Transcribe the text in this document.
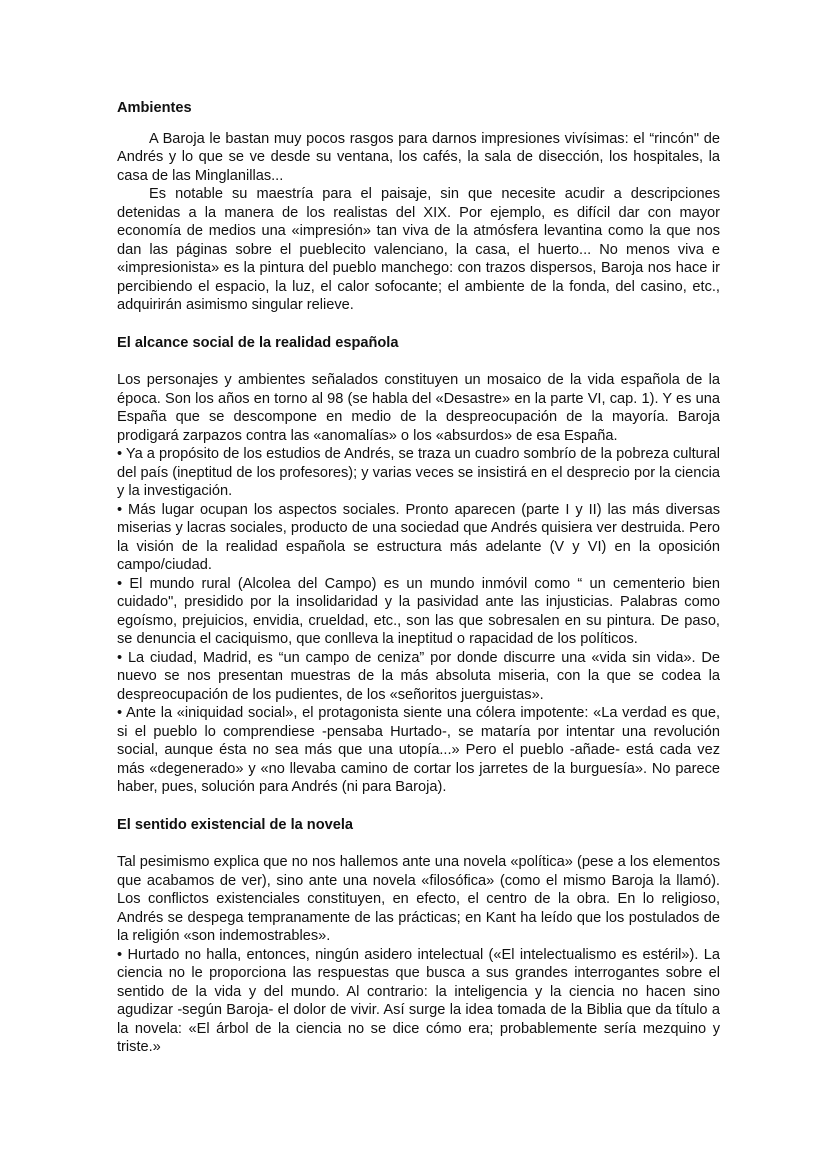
Ambientes

A Baroja le bastan muy pocos rasgos para darnos impresiones vivísimas: el “rincón" de Andrés y lo que se ve desde su ventana, los cafés, la sala de disección, los hospitales, la casa de las Minglanillas...

Es notable su maestría para el paisaje, sin que necesite acudir a descripciones detenidas a la manera de los realistas del XIX. Por ejemplo, es difícil dar con mayor economía de medios una «impresión» tan viva de la atmósfera levantina como la que nos dan las páginas sobre el pueblecito valenciano, la casa, el huerto... No menos viva e «impresionista» es la pintura del pueblo manchego: con trazos dispersos, Baroja nos hace ir percibiendo el espacio, la luz, el calor sofocante; el ambiente de la fonda, del casino, etc., adquirirán asimismo singular relieve.

El alcance social de la realidad española

Los personajes y ambientes señalados constituyen un mosaico de la vida española de la época. Son los años en torno al 98 (se habla del «Desastre» en la parte VI, cap. 1). Y es una España que se descompone en medio de la despreocupación de la mayoría. Baroja prodigará zarpazos contra las «anomalías» o los «absurdos» de esa España.

• Ya a propósito de los estudios de Andrés, se traza un cuadro sombrío de la pobreza cultural del país (ineptitud de los profesores); y varias veces se insistirá en el desprecio por la ciencia y la investigación.

• Más lugar ocupan los aspectos sociales. Pronto aparecen (parte I y II) las más diversas miserias y lacras sociales, producto de una sociedad que Andrés quisiera ver destruida. Pero la visión de la realidad española se estructura más adelante (V y VI) en la oposición campo/ciudad.

• El mundo rural (Alcolea del Campo) es un mundo inmóvil como “ un cementerio bien cuidado", presidido por la insolidaridad y la pasividad ante las injusticias. Palabras como egoísmo, prejuicios, envidia, crueldad, etc., son las que sobresalen en su pintura. De paso, se denuncia el caciquismo, que conlleva la ineptitud o rapacidad de los políticos.

• La ciudad, Madrid, es “un campo de ceniza” por donde discurre una «vida sin vida». De nuevo se nos presentan muestras de la más absoluta miseria, con la que se codea la despreocupación de los pudientes, de los «señoritos juerguistas».

• Ante la «iniquidad social», el protagonista siente una cólera impotente: «La verdad es que, si el pueblo lo comprendiese -pensaba Hurtado-, se mataría por intentar una revolución social, aunque ésta no sea más que una utopía...» Pero el pueblo -añade- está cada vez más «degenerado» y «no llevaba camino de cortar los jarretes de la burguesía». No parece haber, pues, solución para Andrés (ni para Baroja).

El sentido existencial de la novela

Tal pesimismo explica que no nos hallemos ante una novela «política» (pese a los elementos que acabamos de ver), sino ante una novela «filosófica» (como el mismo Baroja la llamó). Los conflictos existenciales constituyen, en efecto, el centro de la obra. En lo religioso, Andrés se despega tempranamente de las prácticas; en Kant ha leído que los postulados de la religión «son indemostrables».

• Hurtado no halla, entonces, ningún asidero intelectual («El intelectualismo es estéril»). La ciencia no le proporciona las respuestas que busca a sus grandes interrogantes sobre el sentido de la vida y del mundo. Al contrario: la inteligencia y la ciencia no hacen sino agudizar -según Baroja- el dolor de vivir. Así surge la idea tomada de la Biblia que da título a la novela: «El árbol de la ciencia no se dice cómo era; probablemente sería mezquino y triste.»
